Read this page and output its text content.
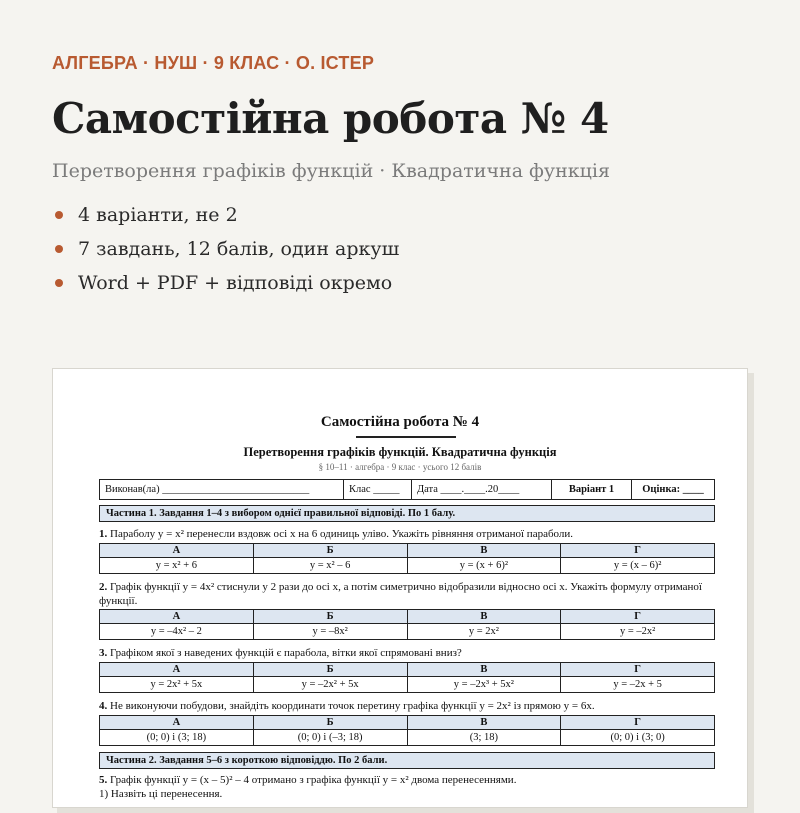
АЛГЕБРА · НУШ · 9 КЛАС · О. ІСТЕР
Самостійна робота № 4
Перетворення графіків функцій · Квадратична функція
4 варіанти, не 2
7 завдань, 12 балів, один аркуш
Word + PDF + відповіді окремо
Самостійна робота № 4
Перетворення графіків функцій. Квадратична функція
§ 10–11 · алгебра · 9 клас · усього 12 балів
Виконав(ла) ____________________________	Клас _____	Дата ____.____.20____	Варіант 1	Оцінка: ____
Частина 1. Завдання 1–4 з вибором однієї правильної відповіді. По 1 балу.
1. Параболу y = x² перенесли вздовж осі x на 6 одиниць уліво. Укажіть рівняння отриманої параболи.
А	Б	В	Г
y = x² + 6	y = x² – 6	y = (x + 6)²	y = (x – 6)²
2. Графік функції y = 4x² стиснули у 2 рази до осі x, а потім симетрично відобразили відносно осі x. Укажіть формулу отриманої функції.
А	Б	В	Г
y = –4x² – 2	y = –8x²	y = 2x²	y = –2x²
3. Графіком якої з наведених функцій є парабола, вітки якої спрямовані вниз?
А	Б	В	Г
y = 2x² + 5x	y = –2x² + 5x	y = –2x³ + 5x²	y = –2x + 5
4. Не виконуючи побудови, знайдіть координати точок перетину графіка функції y = 2x² із прямою y = 6x.
А	Б	В	Г
(0; 0) і (3; 18)	(0; 0) і (–3; 18)	(3; 18)	(0; 0) і (3; 0)
Частина 2. Завдання 5–6 з короткою відповіддю. По 2 бали.
5. Графік функції y = (x – 5)² – 4 отримано з графіка функції y = x² двома перенесеннями.
1) Назвіть ці перенесення.
